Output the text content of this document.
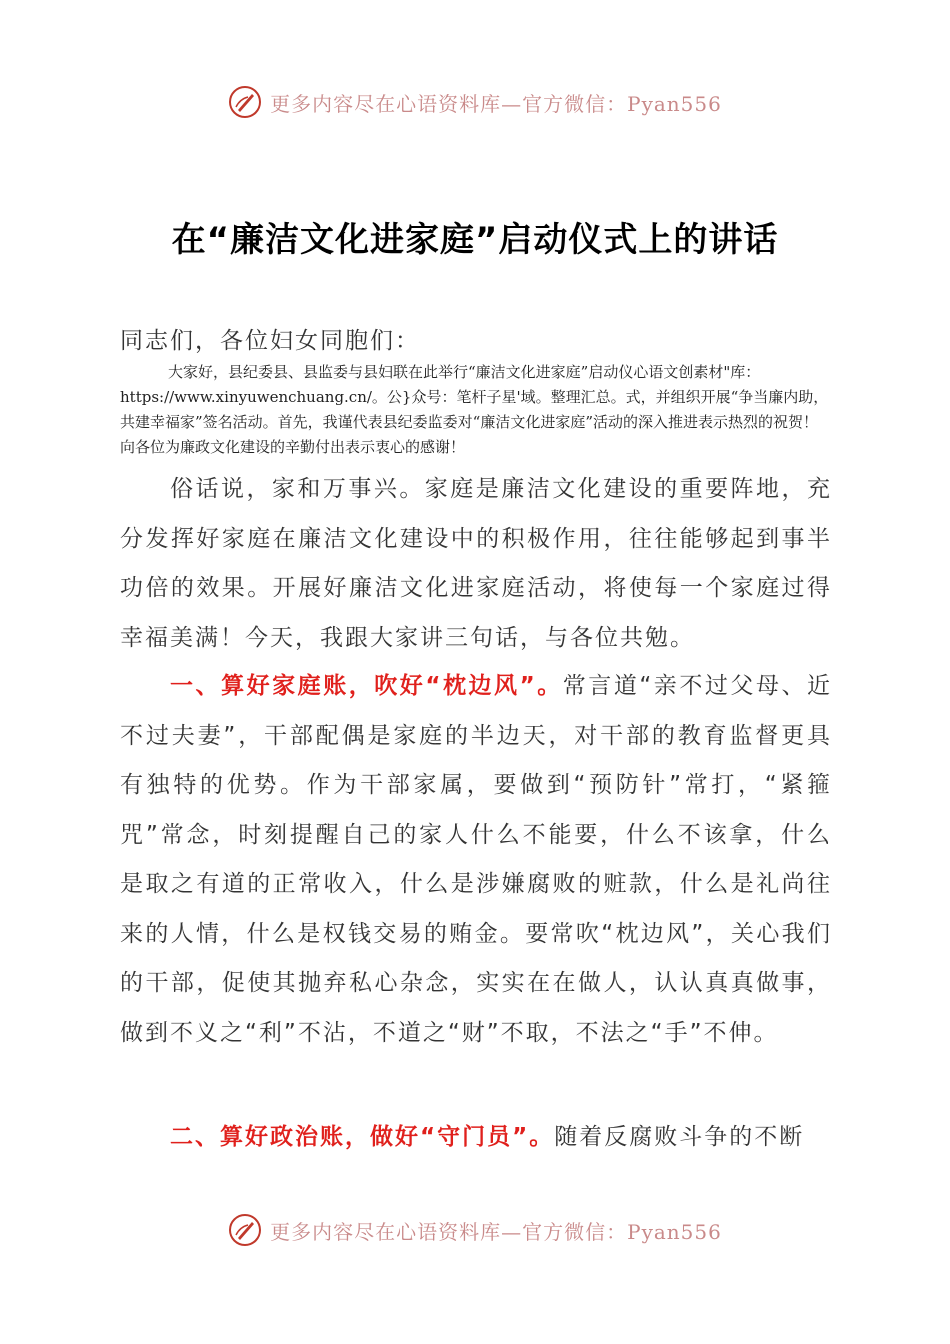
更多内容尽在心语资料库—官方微信：Pyan556
在“廉洁文化进家庭”启动仪式上的讲话
同志们，各位妇女同胞们：
大家好，县纪委县、县监委与县妇联在此举行“廉洁文化进家庭”启动仪心语文创素材"库：https://www.xinyuwenchuang.cn/。公}众号：笔杆子星'域。整理汇总。式，并组织开展“争当廉内助，共建幸福家”签名活动。首先，我谨代表县纪委监委对“廉洁文化进家庭”活动的深入推进表示热烈的祝贺！向各位为廉政文化建设的辛勤付出表示衷心的感谢！
俗话说，家和万事兴。家庭是廉洁文化建设的重要阵地，充分发挥好家庭在廉洁文化建设中的积极作用，往往能够起到事半功倍的效果。开展好廉洁文化进家庭活动，将使每一个家庭过得幸福美满！今天，我跟大家讲三句话，与各位共勉。
一、算好家庭账，吹好“枕边风”。常言道“亲不过父母、近不过夫妻”，干部配偶是家庭的半边天，对干部的教育监督更具有独特的优势。作为干部家属，要做到“预防针”常打，“紧箍咒”常念，时刻提醒自己的家人什么不能要，什么不该拿，什么是取之有道的正常收入，什么是涉嫌腐败的赃款，什么是礼尚往来的人情，什么是权钱交易的贿金。要常吹“枕边风”，关心我们的干部，促使其抛弃私心杂念，实实在在做人，认认真真做事，做到不义之“利”不沾，不道之“财”不取，不法之“手”不伸。
二、算好政治账，做好“守门员”。随着反腐败斗争的不断
更多内容尽在心语资料库—官方微信：Pyan556
